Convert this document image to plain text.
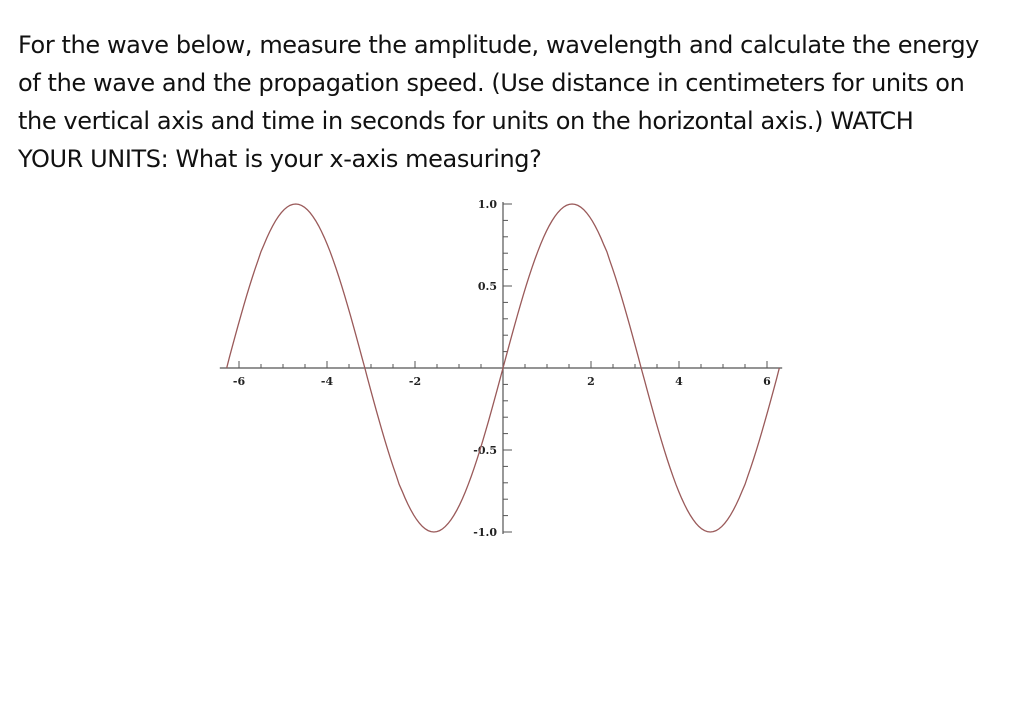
For the wave below, measure the amplitude, wavelength and calculate the energy
of the wave and the propagation speed. (Use distance in centimeters for units on
the vertical axis and time in seconds for units on the horizontal axis.) WATCH
YOUR UNITS: What is your x-axis measuring?
-6	-4	-2	2	4	6
1.0
0.5
-0.5
-1.0
